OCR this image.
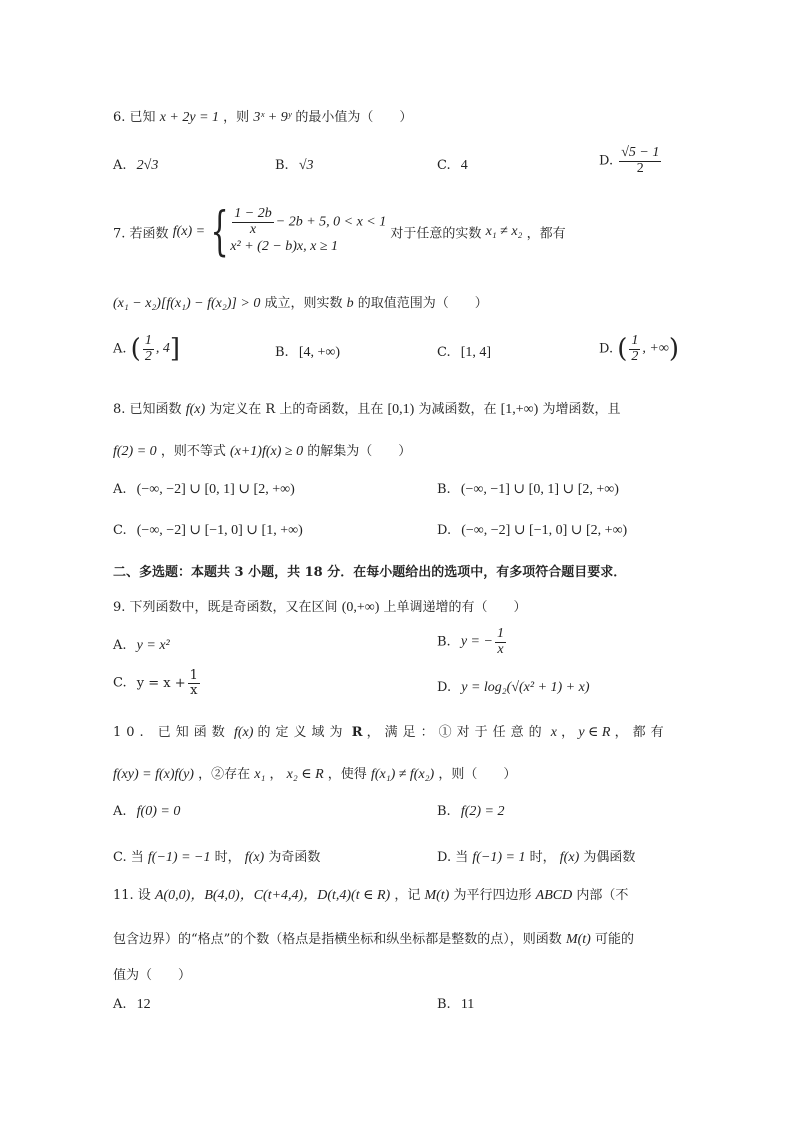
6. 已知 x + 2y = 1 ，则 3ˣ + 9ʸ 的最小值为（　　）
A. 2√3	B. √3	C. 4	D. $\frac{√5 - 1}{2}$
7. 若函数 f(x) = { $\frac{1 - 2b}{x} - 2b + 5$, 0 < x < 1
x² + (2 − b)x, x ≥ 1
对于任意的实数 x₁ ≠ x₂ ，都有
(x₁ − x₂)[f(x₁) − f(x₂)] > 0 成立，则实数 b 的取值范围为（　　）
A. ( $\frac{1}{2}$ , 4]	B. [4, +∞)	C. [1, 4]	D. ( $\frac{1}{2}$ , +∞)
8. 已知函数 f(x) 为定义在 R 上的奇函数，且在 [0,1) 为减函数，在 [1,+∞) 为增函数，且
f(2) = 0 ，则不等式 (x+1)f(x) ≥ 0 的解集为（　　）
A. (−∞, −2] ∪ [0, 1] ∪ [2, +∞)	B. (−∞, −1] ∪ [0, 1] ∪ [2, +∞)
C. (−∞, −2] ∪ [−1, 0] ∪ [1, +∞)	D. (−∞, −2] ∪ [−1, 0] ∪ [2, +∞)
二、多选题：本题共 3 小题，共 18 分．在每小题给出的选项中，有多项符合题目要求．
9. 下列函数中，既是奇函数，又在区间 (0,+∞) 上单调递增的有（　　）
A. y = x²	B. y = − $\frac{1}{x}$
C. $y = x + \frac{1}{x}$	D. y = log₂(√(x² + 1) + x)
10. 已知函数 f(x) 的定义域为 R ，满足：①对于任意的 x ， y ∈ R ，都有
f(xy) = f(x)f(y) ，②存在 x₁ ， x₂ ∈ R ，使得 f(x₁) ≠ f(x₂) ，则（　　）
A. f(0) = 0	B. f(2) = 2
C. 当 f(−1) = −1 时， f(x) 为奇函数	D. 当 f(−1) = 1 时， f(x) 为偶函数
11. 设 A(0,0)，B(4,0)，C(t+4,4)，D(t,4)(t ∈ R) ，记 M(t) 为平行四边形 ABCD 内部（不
包含边界）的“格点”的个数（格点是指横坐标和纵坐标都是整数的点），则函数 M(t) 可能的
值为（　　）
A. 12	B. 11
